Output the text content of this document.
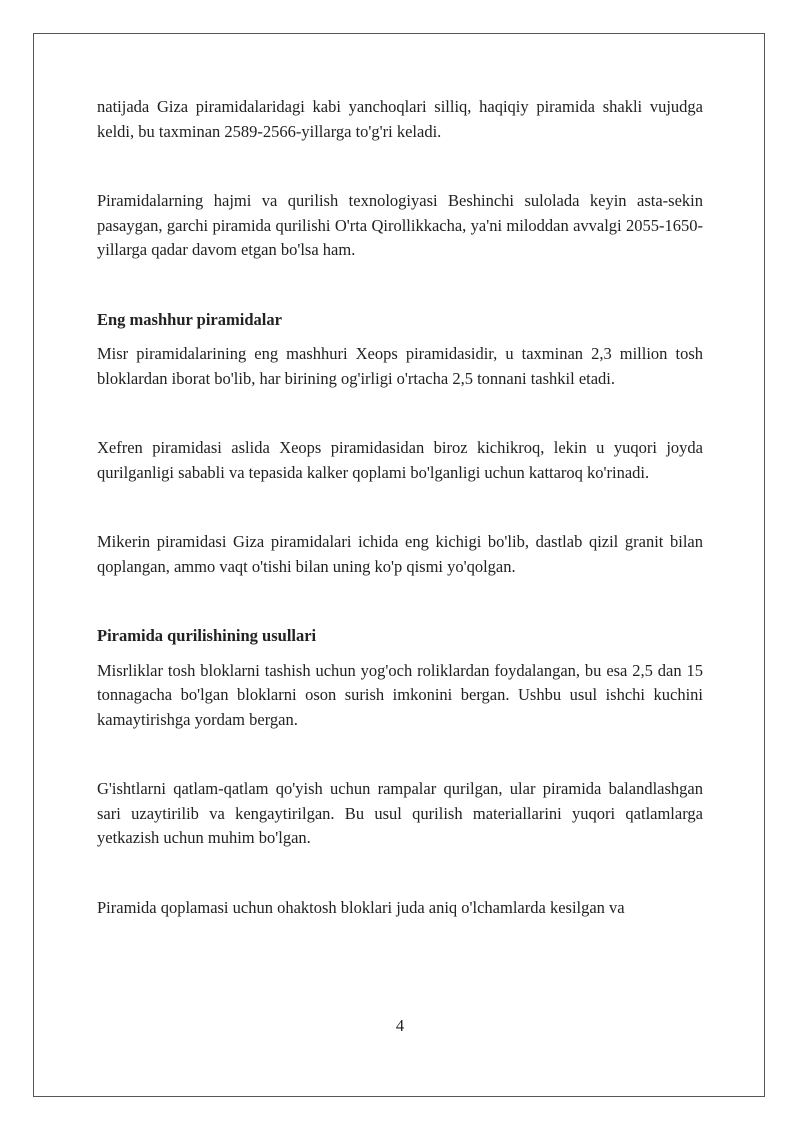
natijada Giza piramidalaridagi kabi yanchoqlari silliq, haqiqiy piramida shakli vujudga keldi, bu taxminan 2589-2566-yillarga to'g'ri keladi.

Piramidalarning hajmi va qurilish texnologiyasi Beshinchi sulolada keyin asta-sekin pasaygan, garchi piramida qurilishi O'rta Qirollikkacha, ya'ni miloddan avvalgi 2055-1650-yillarga qadar davom etgan bo'lsa ham.

Eng mashhur piramidalar

Misr piramidalarining eng mashhuri Xeops piramidasidir, u taxminan 2,3 million tosh bloklardan iborat bo'lib, har birining og'irligi o'rtacha 2,5 tonnani tashkil etadi.

Xefren piramidasi aslida Xeops piramidasidan biroz kichikroq, lekin u yuqori joyda qurilganligi sababli va tepasida kalker qoplami bo'lganligi uchun kattaroq ko'rinadi.

Mikerin piramidasi Giza piramidalari ichida eng kichigi bo'lib, dastlab qizil granit bilan qoplangan, ammo vaqt o'tishi bilan uning ko'p qismi yo'qolgan.

Piramida qurilishining usullari

Misrliklar tosh bloklarni tashish uchun yog'och roliklardan foydalangan, bu esa 2,5 dan 15 tonnagacha bo'lgan bloklarni oson surish imkonini bergan. Ushbu usul ishchi kuchini kamaytirishga yordam bergan.

G'ishtlarni qatlam-qatlam qo'yish uchun rampalar qurilgan, ular piramida balandlashgan sari uzaytirilib va kengaytirilgan. Bu usul qurilish materiallarini yuqori qatlamlarga yetkazish uchun muhim bo'lgan.

Piramida qoplamasi uchun ohaktosh bloklari juda aniq o'lchamlarda kesilgan va

4
